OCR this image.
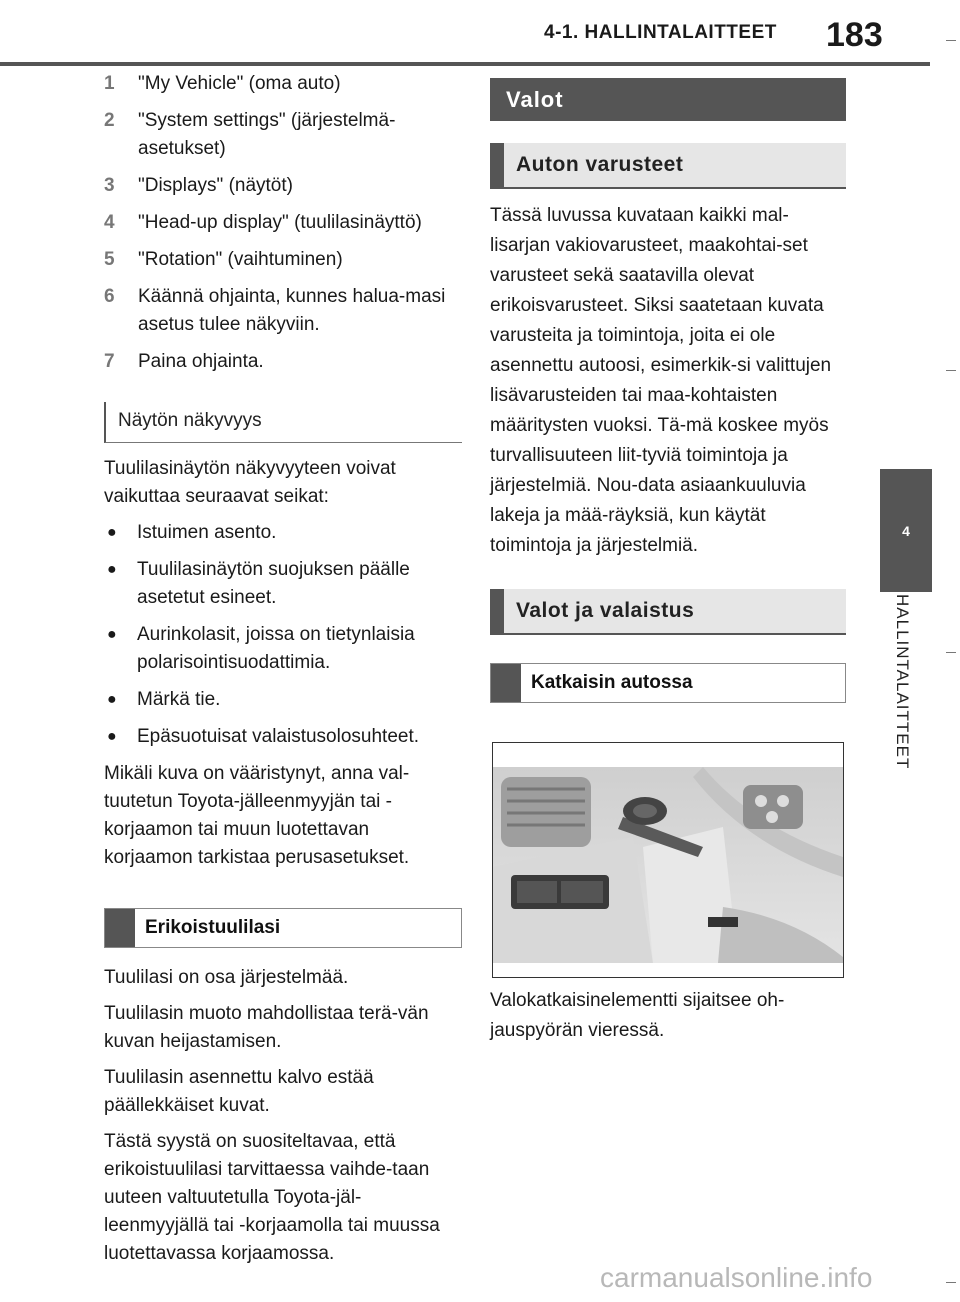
4-1. HALLINTALAITTEET 183
4
HALLINTALAITTEET
1	"My Vehicle" (oma auto)
2	"System settings" (järjestelmä-asetukset)
3	"Displays" (näytöt)
4	"Head-up display" (tuulilasinäyttö)
5	"Rotation" (vaihtuminen)
6	Käännä ohjainta, kunnes halua-masi asetus tulee näkyviin.
7	Paina ohjainta.
Näytön näkyvyys

Tuulilasinäytön näkyvyyteen voivat vaikuttaa seuraavat seikat:

●	Istuimen asento.
●	Tuulilasinäytön suojuksen päälle asetetut esineet.
●	Aurinkolasit, joissa on tietynlaisia polarisointisuodattimia.
●	Märkä tie.
●	Epäsuotuisat valaistusolosuhteet.

Mikäli kuva on vääristynyt, anna val-tuutetun Toyota-jälleenmyyjän tai -korjaamon tai muun luotettavan korjaamon tarkistaa perusasetukset.

Erikoistuulilasi

Tuulilasi on osa järjestelmää.

Tuulilasin muoto mahdollistaa terä-vän kuvan heijastamisen.

Tuulilasin asennettu kalvo estää päällekkäiset kuvat.

Tästä syystä on suositeltavaa, että erikoistuulilasi tarvittaessa vaihde-taan uuteen valtuutetulla Toyota-jäl-leenmyyjällä tai -korjaamolla tai muussa luotettavassa korjaamossa.

Valot
Auton varusteet

Tässä luvussa kuvataan kaikki mal-lisarjan vakiovarusteet, maakohtai-set varusteet sekä saatavilla olevat erikoisvarusteet. Siksi saatetaan kuvata varusteita ja toimintoja, joita ei ole asennettu autoosi, esimerkik-si valittujen lisävarusteiden tai maa-kohtaisten määritysten vuoksi. Tä-mä koskee myös turvallisuuteen liit-tyviä toimintoja ja järjestelmiä. Nou-data asiaankuuluvia lakeja ja mää-räyksiä, kun käytät toimintoja ja järjestelmiä.

Valot ja valaistus
Katkaisin autossa
Valokatkaisinelementti sijaitsee oh-jauspyörän vieressä.
carmanualsonline.info
